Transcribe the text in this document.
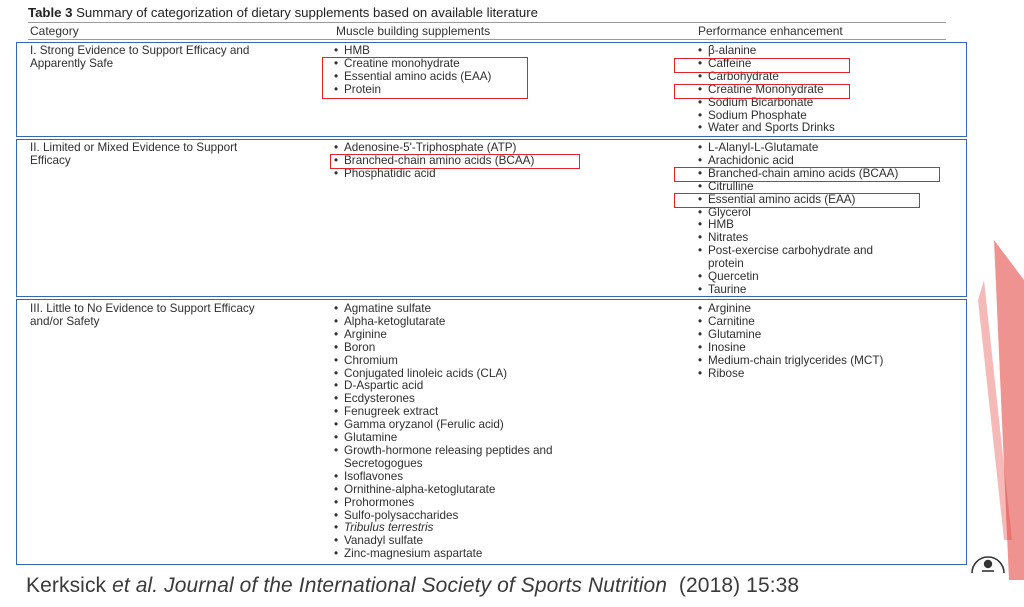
Table 3 Summary of categorization of dietary supplements based on available literature
Category	Muscle building supplements	Performance enhancement
I. Strong Evidence to Support Efficacy and
Apparently Safe
• HMB
• Creatine monohydrate
• Essential amino acids (EAA)
• Protein
• β-alanine
• Caffeine
• Carbohydrate
• Creatine Monohydrate
• Sodium Bicarbonate
• Sodium Phosphate
• Water and Sports Drinks
II. Limited or Mixed Evidence to Support
Efficacy
• Adenosine-5'-Triphosphate (ATP)
• Branched-chain amino acids (BCAA)
• Phosphatidic acid
• L-Alanyl-L-Glutamate
• Arachidonic acid
• Branched-chain amino acids (BCAA)
• Citrulline
• Essential amino acids (EAA)
• Glycerol
• HMB
• Nitrates
• Post-exercise carbohydrate and
protein
• Quercetin
• Taurine
III. Little to No Evidence to Support Efficacy
and/or Safety
• Agmatine sulfate
• Alpha-ketoglutarate
• Arginine
• Boron
• Chromium
• Conjugated linoleic acids (CLA)
• D-Aspartic acid
• Ecdysterones
• Fenugreek extract
• Gamma oryzanol (Ferulic acid)
• Glutamine
• Growth-hormone releasing peptides and
Secretogogues
• Isoflavones
• Ornithine-alpha-ketoglutarate
• Prohormones
• Sulfo-polysaccharides
• Tribulus terrestris
• Vanadyl sulfate
• Zinc-magnesium aspartate
• Arginine
• Carnitine
• Glutamine
• Inosine
• Medium-chain triglycerides (MCT)
• Ribose
Kerksick et al. Journal of the International Society of Sports Nutrition (2018) 15:38
